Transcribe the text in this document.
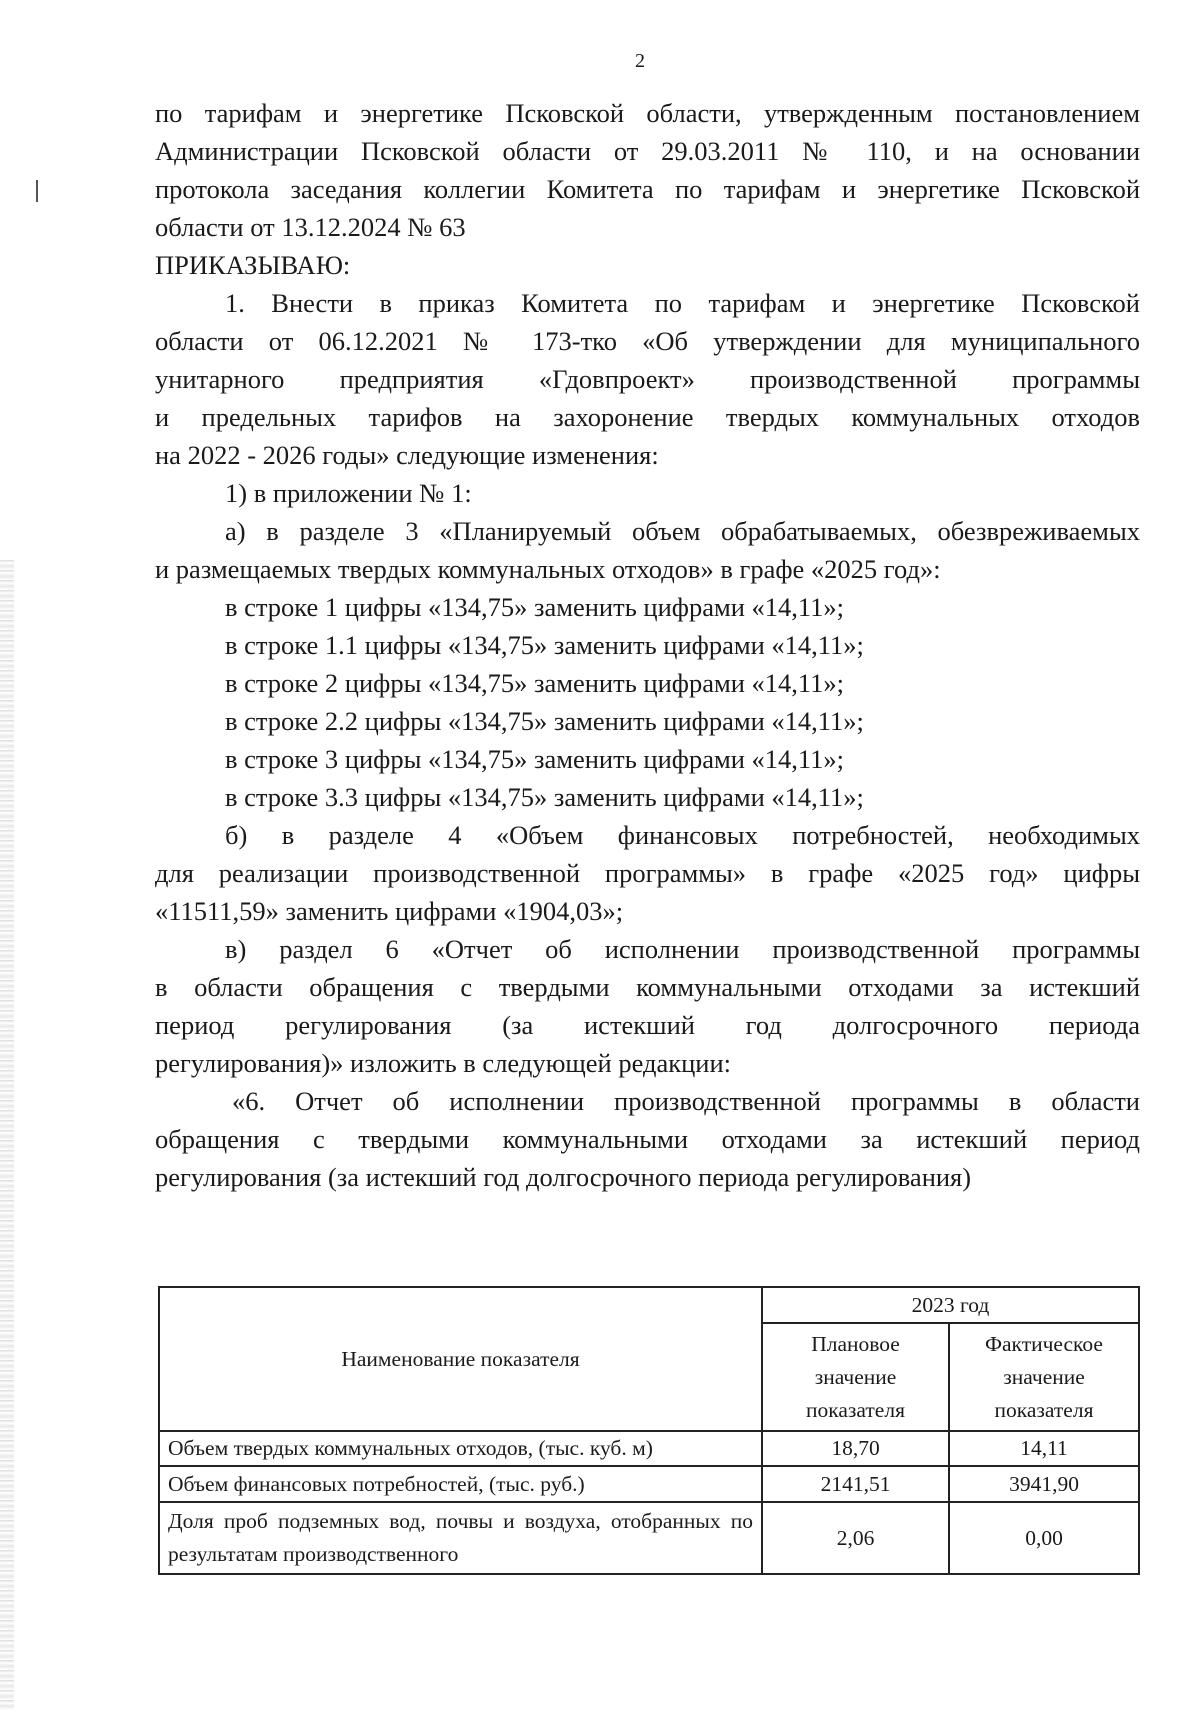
2

по тарифам и энергетике Псковской области, утвержденным постановлением

Администрации Псковской области от 29.03.2011 № 110, и на основании

протокола заседания коллегии Комитета по тарифам и энергетике Псковской

области от 13.12.2024 № 63

ПРИКАЗЫВАЮ:

1. Внести в приказ Комитета по тарифам и энергетике Псковской

области от 06.12.2021 № 173-тко «Об утверждении для муниципального

унитарного предприятия «Гдовпроект» производственной программы

и предельных тарифов на захоронение твердых коммунальных отходов

на 2022 - 2026 годы» следующие изменения:

1) в приложении № 1:

а) в разделе 3 «Планируемый объем обрабатываемых, обезвреживаемых

и размещаемых твердых коммунальных отходов» в графе «2025 год»:

в строке 1 цифры «134,75» заменить цифрами «14,11»;

в строке 1.1 цифры «134,75» заменить цифрами «14,11»;

в строке 2 цифры «134,75» заменить цифрами «14,11»;

в строке 2.2 цифры «134,75» заменить цифрами «14,11»;

в строке 3 цифры «134,75» заменить цифрами «14,11»;

в строке 3.3 цифры «134,75» заменить цифрами «14,11»;

б) в разделе 4 «Объем финансовых потребностей, необходимых

для реализации производственной программы» в графе «2025 год» цифры

«11511,59» заменить цифрами «1904,03»;

в) раздел 6 «Отчет об исполнении производственной программы

в области обращения с твердыми коммунальными отходами за истекший

период регулирования (за истекший год долгосрочного периода

регулирования)» изложить в следующей редакции:

«6. Отчет об исполнении производственной программы в области

обращения с твердыми коммунальными отходами за истекший период

регулирования (за истекший год долгосрочного периода регулирования)

Наименование показателя	2023 год	
	Плановое значение показателя	Фактическое значение показателя
Объем твердых коммунальных отходов, (тыс. куб. м)	18,70	14,11
Объем финансовых потребностей, (тыс. руб.)	2141,51	3941,90
Доля проб подземных вод, почвы и воздуха, отобранных по результатам производственного	2,06	0,00
